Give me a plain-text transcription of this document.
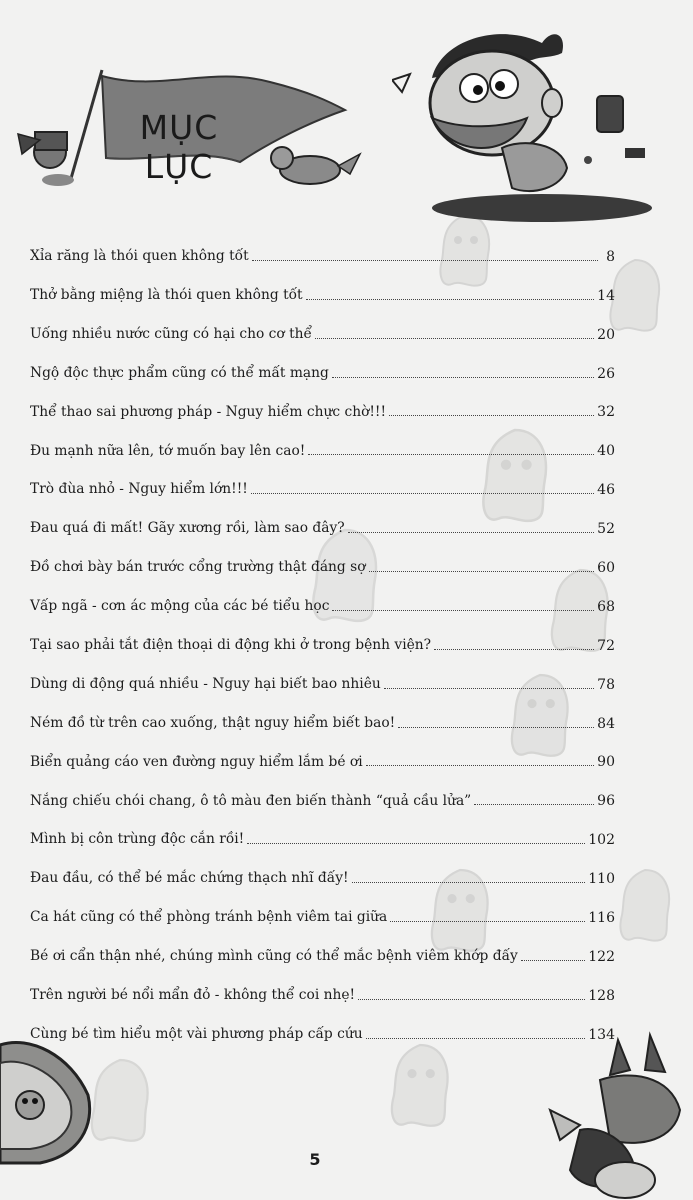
MỤC LỤC
Xỉa răng là thói quen không tốt	8
Thở bằng miệng là thói quen không tốt	14
Uống nhiều nước cũng có hại cho cơ thể	20
Ngộ độc thực phẩm cũng có thể mất mạng	26
Thể thao sai phương pháp - Nguy hiểm chực chờ!!!	32
Đu mạnh nữa lên, tớ muốn bay lên cao!	40
Trò đùa nhỏ - Nguy hiểm lớn!!!	46
Đau quá đi mất! Gãy xương rồi, làm sao đây?	52
Đồ chơi bày bán trước cổng trường thật đáng sợ	60
Vấp ngã - cơn ác mộng của các bé tiểu học	68
Tại sao phải tắt điện thoại di động khi ở trong bệnh viện?	72
Dùng di động quá nhiều - Nguy hại biết bao nhiêu	78
Ném đồ từ trên cao xuống, thật nguy hiểm biết bao!	84
Biển quảng cáo ven đường nguy hiểm lắm bé ơi	90
Nắng chiếu chói chang, ô tô màu đen biến thành “quả cầu lửa”	96
Mình bị côn trùng độc cắn rồi!	102
Đau đầu, có thể bé mắc chứng thạch nhĩ đấy!	110
Ca hát cũng có thể phòng tránh bệnh viêm tai giữa	116
Bé ơi cẩn thận nhé, chúng mình cũng có thể mắc bệnh viêm khớp đấy	122
Trên người bé nổi mẩn đỏ - không thể coi nhẹ!	128
Cùng bé tìm hiểu một vài phương pháp cấp cứu	134
5
